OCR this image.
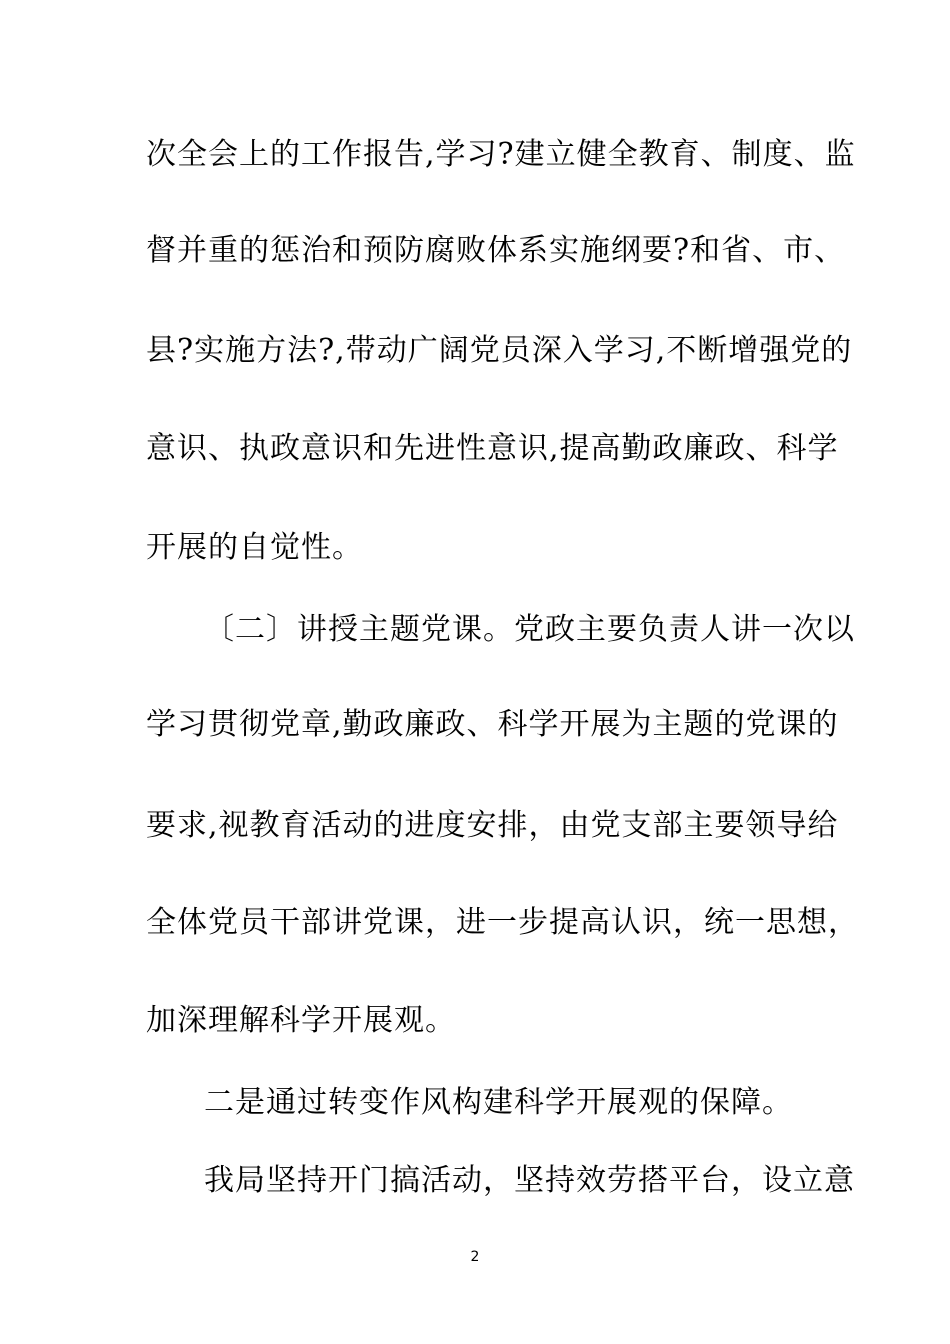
次全会上的工作报告,学习?建立健全教育、制度、监
督并重的惩治和预防腐败体系实施纲要?和省、市、
县?实施方法?,带动广阔党员深入学习,不断增强党的
意识、执政意识和先进性意识,提高勤政廉政、科学
开展的自觉性。
〔二〕讲授主题党课。党政主要负责人讲一次以
学习贯彻党章,勤政廉政、科学开展为主题的党课的
要求,视教育活动的进度安排，由党支部主要领导给
全体党员干部讲党课，进一步提高认识，统一思想，
加深理解科学开展观。
二是通过转变作风构建科学开展观的保障。
我局坚持开门搞活动，坚持效劳搭平台，设立意
2
